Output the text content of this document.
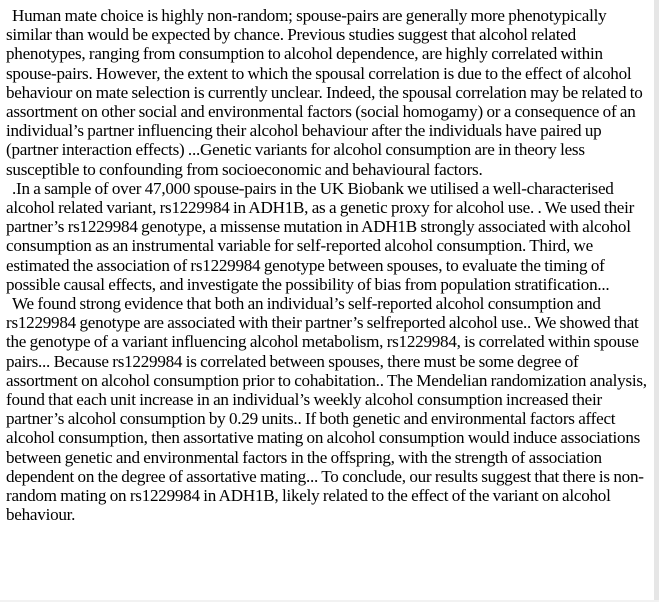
Human mate choice is highly non-random; spouse-pairs are generally more phenotypically similar than would be expected by chance. Previous studies suggest that alcohol related phenotypes, ranging from consumption to alcohol dependence, are highly correlated within spouse-pairs. However, the extent to which the spousal correlation is due to the effect of alcohol behaviour on mate selection is currently unclear. Indeed, the spousal correlation may be related to assortment on other social and environmental factors (social homogamy) or a consequence of an individual’s partner influencing their alcohol behaviour after the individuals have paired up (partner interaction effects) ...Genetic variants for alcohol consumption are in theory less susceptible to confounding from socioeconomic and behavioural factors.

.In a sample of over 47,000 spouse-pairs in the UK Biobank we utilised a well-characterised alcohol related variant, rs1229984 in ADH1B, as a genetic proxy for alcohol use. . We used their partner’s rs1229984 genotype, a missense mutation in ADH1B strongly associated with alcohol consumption as an instrumental variable for self-reported alcohol consumption. Third, we estimated the association of rs1229984 genotype between spouses, to evaluate the timing of possible causal effects, and investigate the possibility of bias from population stratification...

We found strong evidence that both an individual’s self-reported alcohol consumption and rs1229984 genotype are associated with their partner’s selfreported alcohol use.. We showed that the genotype of a variant influencing alcohol metabolism, rs1229984, is correlated within spouse pairs... Because rs1229984 is correlated between spouses, there must be some degree of assortment on alcohol consumption prior to cohabitation.. The Mendelian randomization analysis, found that each unit increase in an individual’s weekly alcohol consumption increased their partner’s alcohol consumption by 0.29 units.. If both genetic and environmental factors affect alcohol consumption, then assortative mating on alcohol consumption would induce associations between genetic and environmental factors in the offspring, with the strength of association dependent on the degree of assortative mating... To conclude, our results suggest that there is non-random mating on rs1229984 in ADH1B, likely related to the effect of the variant on alcohol behaviour.
